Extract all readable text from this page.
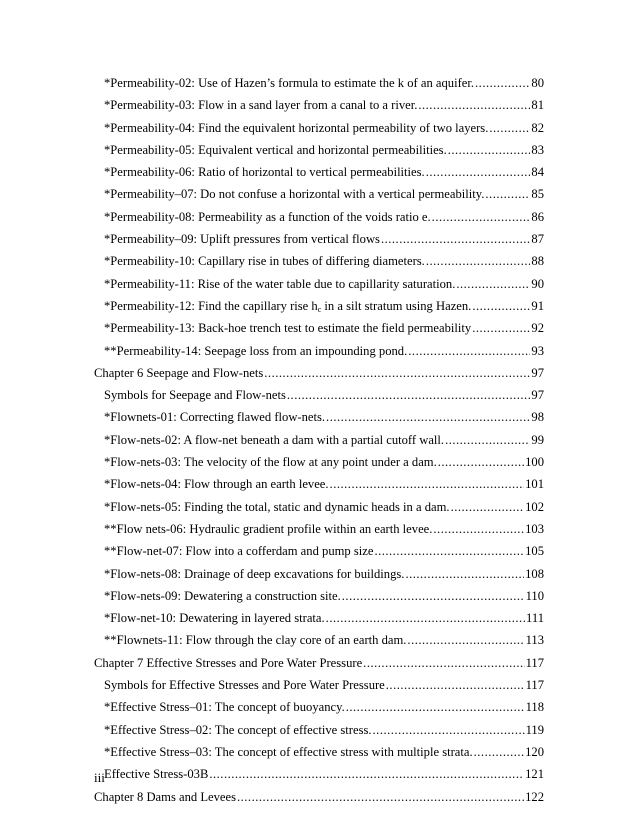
*Permeability-02: Use of Hazen’s formula to estimate the k of an aquifer. .....	80
*Permeability-03: Flow in a sand layer from a canal to a river. .....	81
*Permeability-04: Find the equivalent horizontal permeability of two layers. .....	82
*Permeability-05: Equivalent vertical and horizontal permeabilities. .....	83
*Permeability-06: Ratio of horizontal to vertical permeabilities. .....	84
*Permeability–07: Do not confuse a horizontal with a vertical permeability. .....	85
*Permeability-08: Permeability as a function of the voids ratio e. .....	86
*Permeability–09: Uplift pressures from vertical flows .....	87
*Permeability-10: Capillary rise in tubes of differing diameters. .....	88
*Permeability-11: Rise of the water table due to capillarity saturation. .....	90
*Permeability-12: Find the capillary rise $h_c$ in a silt stratum using Hazen. .....	91
*Permeability-13: Back-hoe trench test to estimate the field permeability .....	92
**Permeability-14: Seepage loss from an impounding pond. .....	93
Chapter 6 Seepage and Flow-nets .....	97
Symbols for Seepage and Flow-nets .....	97
*Flownets-01: Correcting flawed flow-nets. .....	98
*Flow-nets-02: A flow-net beneath a dam with a partial cutoff wall. .....	99
*Flow-nets-03: The velocity of the flow at any point under a dam. .....	100
*Flow-nets-04: Flow through an earth levee. .....	101
*Flow-nets-05: Finding the total, static and dynamic heads in a dam. .....	102
**Flow nets-06: Hydraulic gradient profile within an earth levee. .....	103
**Flow-net-07: Flow into a cofferdam and pump size .....	105
*Flow-nets-08: Drainage of deep excavations for buildings. .....	108
*Flow-nets-09: Dewatering a construction site. .....	110
*Flow-net-10: Dewatering in layered strata. .....	111
**Flownets-11: Flow through the clay core of an earth dam. .....	113
Chapter 7 Effective Stresses and Pore Water Pressure .....	117
Symbols for Effective Stresses and Pore Water Pressure .....	117
*Effective Stress–01: The concept of buoyancy. .....	118
*Effective Stress–02: The concept of effective stress. .....	119
*Effective Stress–03: The concept of effective stress with multiple strata. .....	120
Effective Stress-03B .....	121
Chapter 8 Dams and Levees .....	122
iii
